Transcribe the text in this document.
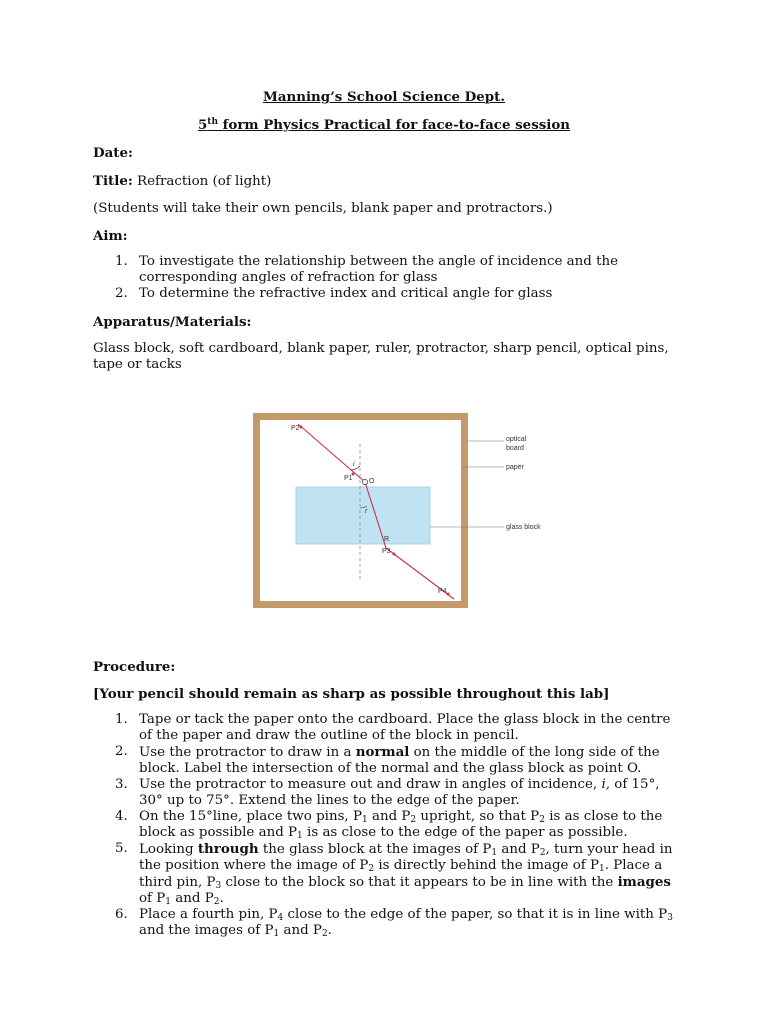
Manning’s School Science Dept.
5th form Physics Practical for face-to-face session
Date:
Title: Refraction (of light)
(Students will take their own pencils, blank paper and protractors.)
Aim:
1. To investigate the relationship between the angle of incidence and the corresponding angles of refraction for glass
2. To determine the refractive index and critical angle for glass
Apparatus/Materials:
Glass block, soft cardboard, blank paper, ruler, protractor, sharp pencil, optical pins, tape or tacks
P2
P1 O
i
r
R
P3
P4
optical
board
paper
glass block
Procedure:
[Your pencil should remain as sharp as possible throughout this lab]
1. Tape or tack the paper onto the cardboard. Place the glass block in the centre of the paper and draw the outline of the block in pencil.
2. Use the protractor to draw in a normal on the middle of the long side of the block. Label the intersection of the normal and the glass block as point O.
3. Use the protractor to measure out and draw in angles of incidence, i, of 15°, 30° up to 75°. Extend the lines to the edge of the paper.
4. On the 15°line, place two pins, $P_1$ and $P_2$ upright, so that $P_2$ is as close to the block as possible and $P_1$ is as close to the edge of the paper as possible.
5. Looking through the glass block at the images of $P_1$ and $P_2$, turn your head in the position where the image of $P_2$ is directly behind the image of $P_1$. Place a third pin, $P_3$ close to the block so that it appears to be in line with the images of $P_1$ and $P_2$.
6. Place a fourth pin, $P_4$ close to the edge of the paper, so that it is in line with $P_3$ and the images of $P_1$ and $P_2$.
